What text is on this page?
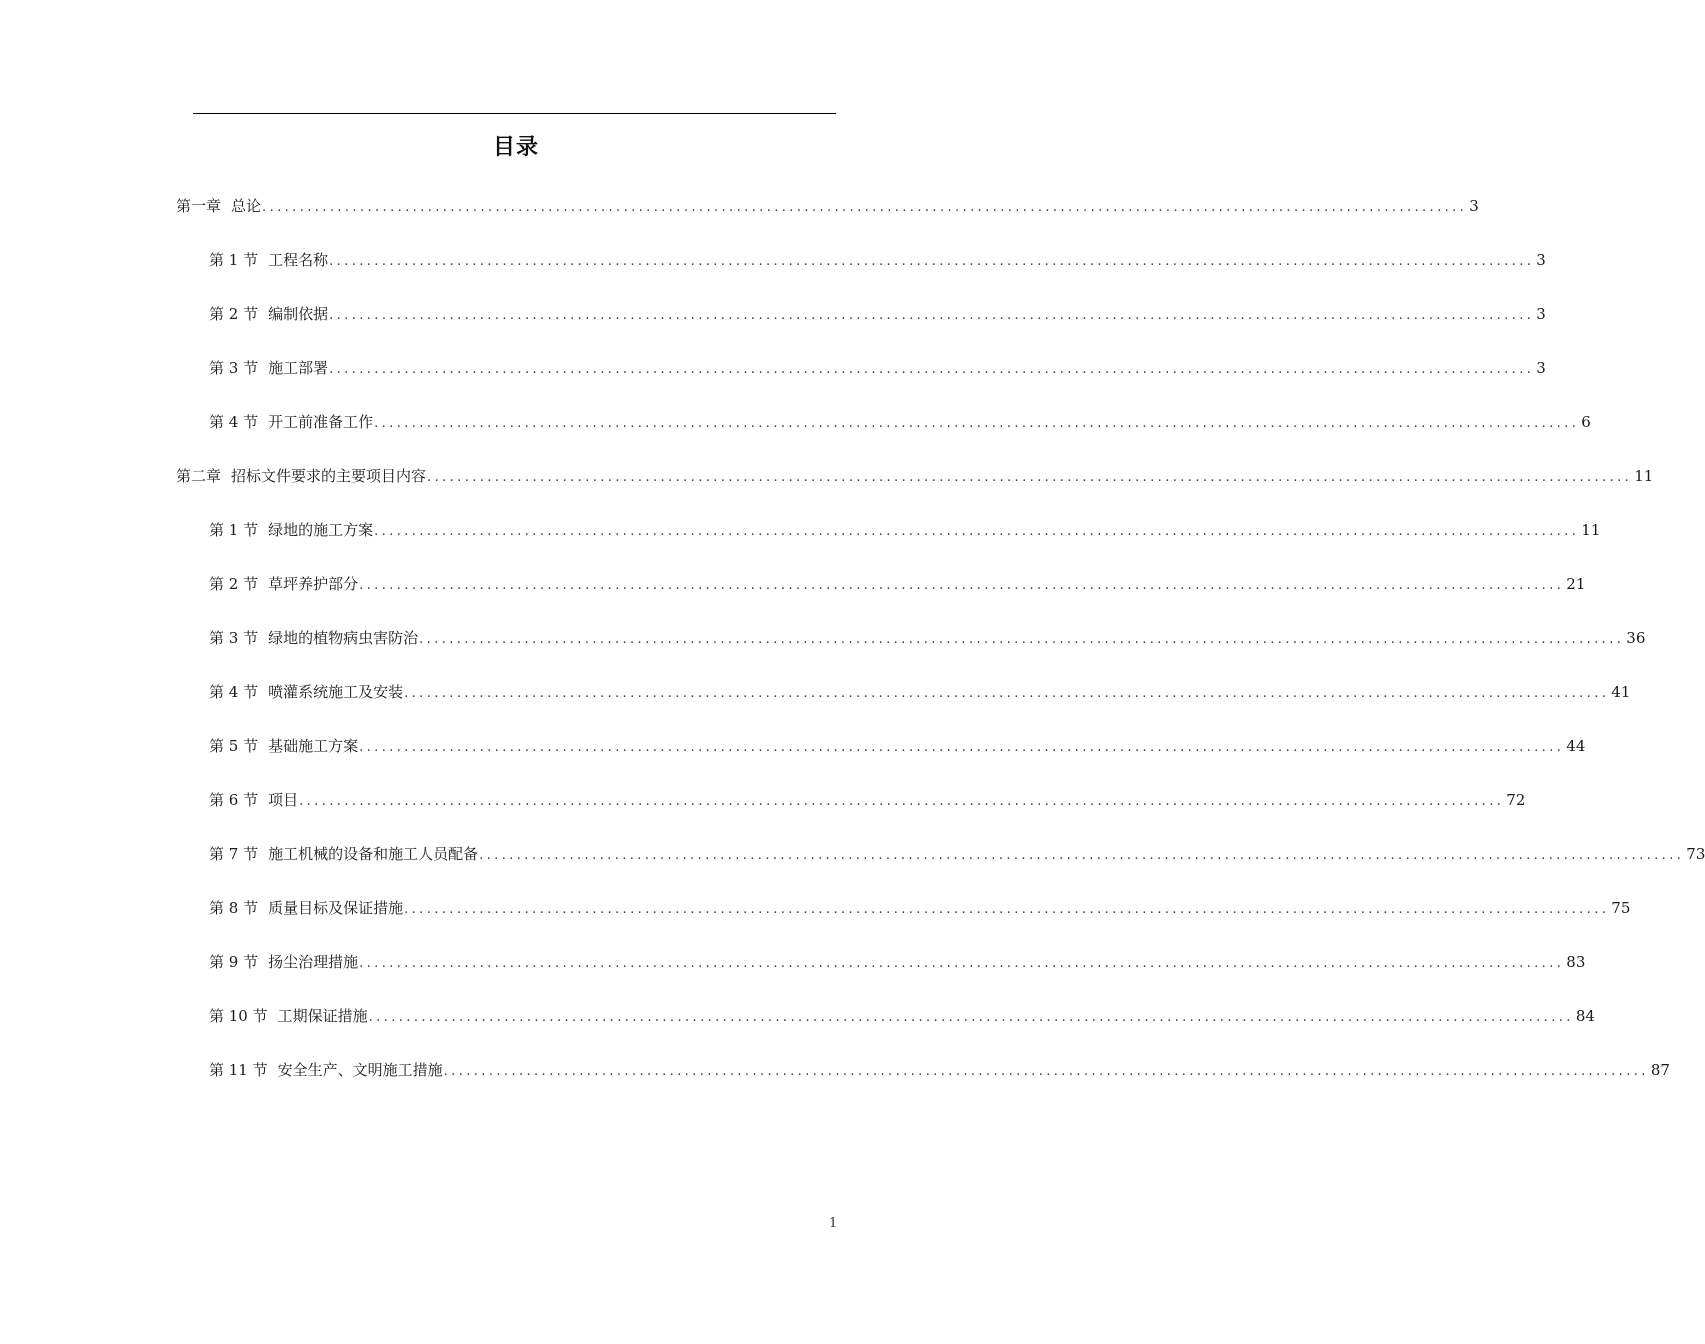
目录
第一章 总论 ................................................................................................................................................................ 3
第 1 节 工程名称 ................................................................................................................................................................ 3
第 2 节 编制依据 ................................................................................................................................................................ 3
第 3 节 施工部署 ................................................................................................................................................................ 3
第 4 节 开工前准备工作 ................................................................................................................................................................ 6
第二章 招标文件要求的主要项目内容 ................................................................................................................................................................ 11
第 1 节 绿地的施工方案 ................................................................................................................................................................ 11
第 2 节 草坪养护部分 ................................................................................................................................................................ 21
第 3 节 绿地的植物病虫害防治 ................................................................................................................................................................ 36
第 4 节 喷灌系统施工及安装 ................................................................................................................................................................ 41
第 5 节 基础施工方案 ................................................................................................................................................................ 44
第 6 节 项目 ................................................................................................................................................................ 72
第 7 节 施工机械的设备和施工人员配备 ................................................................................................................................................................ 73
第 8 节 质量目标及保证措施 ................................................................................................................................................................ 75
第 9 节 扬尘治理措施 ................................................................................................................................................................ 83
第 10 节 工期保证措施 ................................................................................................................................................................ 84
第 11 节 安全生产、文明施工措施 ................................................................................................................................................................ 87
1
